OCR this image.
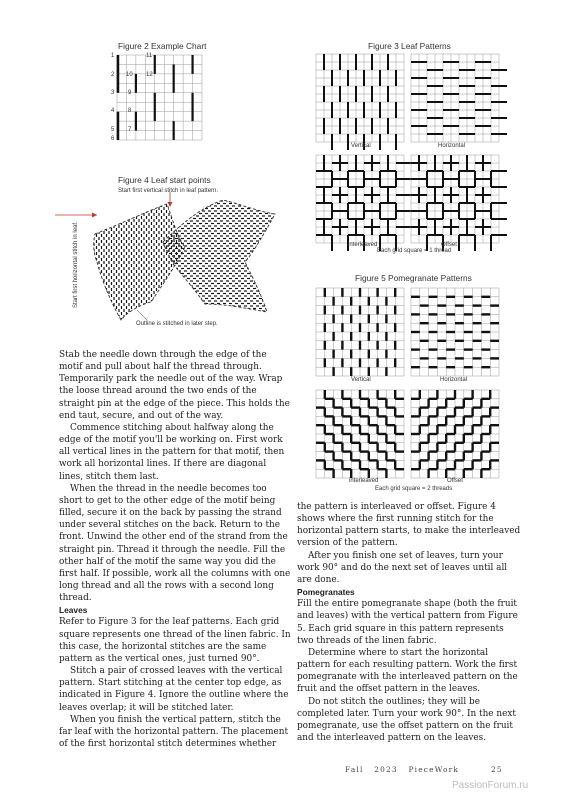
Figure 2 Example Chart
1
2
3
4
5
6
10
9
8
7
11
12
Figure 3 Leaf Patterns
Vertical	Horizontal
interleaved	Offset
Each grid square = 1 thread
Figure 4 Leaf start points
Start first vertical stitch in leaf pattern.
Start first horizontal stitch in leaf.
Outline is stitched in later step.
Figure 5 Pomegranate Patterns
Vertical	Horizontal
interleaved	Offset
Each grid square = 2 threads

Stab the needle down through the edge of the motif and pull about half the thread through. Temporarily park the needle out of the way. Wrap the loose thread around the two ends of the straight pin at the edge of the piece. This holds the end taut, secure, and out of the way.

Commence stitching about halfway along the edge of the motif you'll be working on. First work all vertical lines in the pattern for that motif, then work all horizontal lines. If there are diagonal lines, stitch them last.

When the thread in the needle becomes too short to get to the other edge of the motif being filled, secure it on the back by passing the strand under several stitches on the back. Return to the front. Unwind the other end of the strand from the straight pin. Thread it through the needle. Fill the other half of the motif the same way you did the first half. If possible, work all the columns with one long thread and all the rows with a second long thread.

Leaves

Refer to Figure 3 for the leaf patterns. Each grid square represents one thread of the linen fabric. In this case, the horizontal stitches are the same pattern as the vertical ones, just turned 90°.

Stitch a pair of crossed leaves with the vertical pattern. Start stitching at the center top edge, as indicated in Figure 4. Ignore the outline where the leaves overlap; it will be stitched later.

When you finish the vertical pattern, stitch the far leaf with the horizontal pattern. The placement of the first horizontal stitch determines whether

the pattern is interleaved or offset. Figure 4 shows where the first running stitch for the horizontal pattern starts, to make the interleaved version of the pattern.

After you finish one set of leaves, turn your work 90° and do the next set of leaves until all are done.

Pomegranates

Fill the entire pomegranate shape (both the fruit and leaves) with the vertical pattern from Figure 5. Each grid square in this pattern represents two threads of the linen fabric.

Determine where to start the horizontal pattern for each resulting pattern. Work the first pomegranate with the interleaved pattern on the fruit and the offset pattern in the leaves.

Do not stitch the outlines; they will be completed later. Turn your work 90°. In the next pomegranate, use the offset pattern on the fruit and the interleaved pattern on the leaves.

Fall 2023 PieceWork	25
PassionForum.ru
